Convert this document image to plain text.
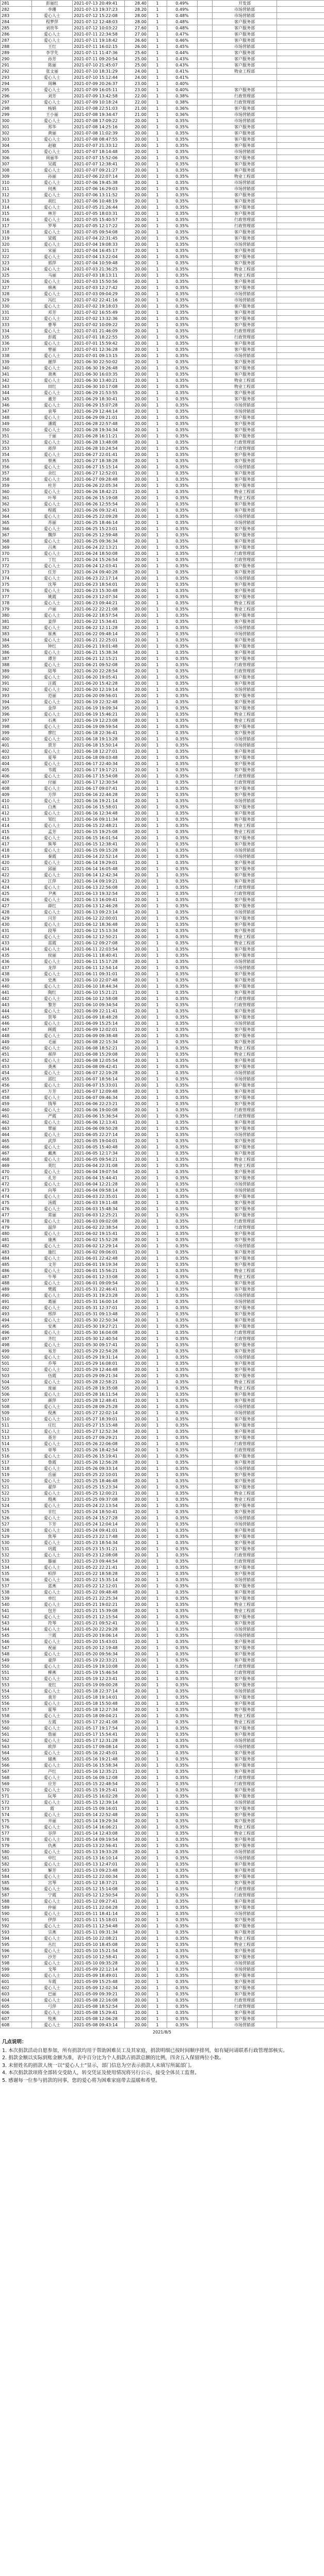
281	彭丽红	2021-07-13 20:49:41	28.40	1	0.49%		开发部	
282	李珊	2021-07-13 19:37:23	28.20	1	0.49%		市场营销部	
283	爱心人士	2021-07-12 15:22:08	28.00	1	0.48%		市场营销部	
284	程梦萍	2021-07-12 12:48:03	28.00	1	0.48%		客户服务部	
285	刘贵华	2021-07-12 10:03:22	27.60	1	0.48%		客户服务部	
286	爱心人士	2021-07-11 22:34:58	27.00	1	0.47%		客户服务部	
287	爱心人士	2021-07-11 19:18:42	26.60	1	0.46%		客户服务部	
288	王红	2021-07-11 16:02:15	26.00	1	0.45%		市场营销部	
289	李学先	2021-07-11 11:47:36	25.60	1	0.44%		客户服务部	
290	孙芳	2021-07-11 09:20:54	25.00	1	0.43%		客户服务部	
291	陈丽	2021-07-10 21:45:07	25.00	1	0.43%		客户服务部	
292	张文丽	2021-07-10 18:31:29	24.00	1	0.41%		物业工程部	
293	爱心人士	2021-07-10 15:12:44	24.00	1	0.41%			
294	周琳	2021-07-09 20:26:37	23.00	1	0.40%			
295	爱心人士	2021-07-09 16:05:11	23.00	1	0.40%		客户服务部	
296	刘芳	2021-07-09 13:42:58	22.00	1	0.38%		行政管理部	
297	爱心人士	2021-07-09 10:18:24	22.00	1	0.38%		行政管理部	
298	杨娟	2021-07-08 22:51:03	21.00	1	0.36%		客户服务部	
299	王小丽	2021-07-08 19:34:47	21.00	1	0.36%		市场营销部	
300	爱心人士	2021-07-08 17:09:22	20.00	1	0.35%		市场营销部	
301	郑华	2021-07-08 14:25:16	20.00	1	0.35%		客户服务部	
302	黄丽	2021-07-08 11:02:39	20.00	1	0.35%		客户服务部	
303	爱心人士	2021-07-08 08:47:55	20.00	1	0.35%		客户服务部	
304	赵敏	2021-07-07 21:33:12	20.00	1	0.35%		客户服务部	
305	爱心人士	2021-07-07 18:14:48	20.00	1	0.35%		市场营销部	
306	周丽华	2021-07-07 15:52:06	20.00	1	0.35%		客户服务部	
307	吴霞	2021-07-07 12:38:41	20.00	1	0.35%		客户服务部	
308	爱心人士	2021-07-07 09:21:27	20.00	1	0.35%		客户服务部	
309	孙丽	2021-07-06 22:07:14	20.00	1	0.35%		物业工程部	
310	爱心人士	2021-07-06 19:45:38	20.00	1	0.35%		市场营销部	
311	何燕	2021-07-06 16:29:03	20.00	1	0.35%		市场营销部	
312	爱心人士	2021-07-06 13:11:52	20.00	1	0.35%		客户服务部	
313	胡红	2021-07-06 10:48:19	20.00	1	0.35%		客户服务部	
314	爱心人士	2021-07-05 21:26:44	20.00	1	0.35%		客户服务部	
315	林芳	2021-07-05 18:03:31	20.00	1	0.35%		客户服务部	
316	爱心人士	2021-07-05 15:40:57	20.00	1	0.35%		行政管理部	
317	罗琴	2021-07-05 12:17:22	20.00	1	0.35%		行政管理部	
318	爱心人士	2021-07-05 09:54:08	20.00	1	0.35%		客户服务部	
319	梁霞	2021-07-04 22:31:45	20.00	1	0.35%		客户服务部	
320	爱心人士	2021-07-04 19:08:33	20.00	1	0.35%		市场营销部	
321	宋丽	2021-07-04 16:45:17	20.00	1	0.35%		客户服务部	
322	爱心人士	2021-07-04 13:22:04	20.00	1	0.35%		客户服务部	
323	郭萍	2021-07-04 10:59:48	20.00	1	0.35%		客户服务部	
324	爱心人士	2021-07-03 21:36:25	20.00	1	0.35%		物业工程部	
325	马丽	2021-07-03 18:13:11	20.00	1	0.35%		物业工程部	
326	爱心人士	2021-07-03 15:50:56	20.00	1	0.35%		客户服务部	
327	韩燕	2021-07-03 12:27:42	20.00	1	0.35%		客户服务部	
328	爱心人士	2021-07-03 09:04:29	20.00	1	0.35%		市场营销部	
329	冯红	2021-07-02 22:41:16	20.00	1	0.35%		市场营销部	
330	爱心人士	2021-07-02 19:18:03	20.00	1	0.35%		客户服务部	
331	邓芳	2021-07-02 16:55:49	20.00	1	0.35%		客户服务部	
332	爱心人士	2021-07-02 13:32:36	20.00	1	0.35%		客户服务部	
333	曹琴	2021-07-02 10:09:22	20.00	1	0.35%		客户服务部	
334	爱心人士	2021-07-01 21:46:09	20.00	1	0.35%		行政管理部	
335	彭霞	2021-07-01 18:22:55	20.00	1	0.35%		行政管理部	
336	爱心人士	2021-07-01 15:59:42	20.00	1	0.35%		客户服务部	
337	曾丽	2021-07-01 12:36:28	20.00	1	0.35%		客户服务部	
338	爱心人士	2021-07-01 09:13:15	20.00	1	0.35%		市场营销部	
339	谢萍	2021-06-30 22:50:02	20.00	1	0.35%		客户服务部	
340	爱心人士	2021-06-30 19:26:48	20.00	1	0.35%		客户服务部	
341	萧燕	2021-06-30 16:03:35	20.00	1	0.35%		客户服务部	
342	爱心人士	2021-06-30 13:40:21	20.00	1	0.35%		物业工程部	
343	田红	2021-06-30 10:17:08	20.00	1	0.35%		物业工程部	
344	爱心人士	2021-06-29 21:53:55	20.00	1	0.35%		客户服务部	
345	董芳	2021-06-29 18:30:41	20.00	1	0.35%		客户服务部	
346	爱心人士	2021-06-29 15:07:28	20.00	1	0.35%		市场营销部	
347	袁琴	2021-06-29 12:44:14	20.00	1	0.35%		市场营销部	
348	爱心人士	2021-06-29 09:21:01	20.00	1	0.35%		客户服务部	
349	潘霞	2021-06-28 22:57:48	20.00	1	0.35%		客户服务部	
350	爱心人士	2021-06-28 19:34:34	20.00	1	0.35%		客户服务部	
351	于丽	2021-06-28 16:11:21	20.00	1	0.35%		客户服务部	
352	爱心人士	2021-06-28 13:48:08	20.00	1	0.35%		行政管理部	
353	蒋萍	2021-06-28 10:24:54	20.00	1	0.35%		行政管理部	
354	爱心人士	2021-06-27 22:01:41	20.00	1	0.35%		客户服务部	
355	蔡燕	2021-06-27 18:38:28	20.00	1	0.35%		客户服务部	
356	爱心人士	2021-06-27 15:15:14	20.00	1	0.35%		市场营销部	
357	余红	2021-06-27 12:52:01	20.00	1	0.35%		客户服务部	
358	爱心人士	2021-06-27 09:28:48	20.00	1	0.35%		客户服务部	
359	杜芳	2021-06-26 22:05:34	20.00	1	0.35%		客户服务部	
360	爱心人士	2021-06-26 18:42:21	20.00	1	0.35%		物业工程部	
361	叶琴	2021-06-26 15:19:08	20.00	1	0.35%		物业工程部	
362	爱心人士	2021-06-26 12:55:54	20.00	1	0.35%		客户服务部	
363	程霞	2021-06-26 09:32:41	20.00	1	0.35%		客户服务部	
364	爱心人士	2021-06-25 22:09:28	20.00	1	0.35%		市场营销部	
365	苏丽	2021-06-25 18:46:14	20.00	1	0.35%		市场营销部	
366	爱心人士	2021-06-25 15:23:01	20.00	1	0.35%		客户服务部	
367	魏萍	2021-06-25 12:59:48	20.00	1	0.35%		客户服务部	
368	爱心人士	2021-06-25 09:36:34	20.00	1	0.35%		客户服务部	
369	吕燕	2021-06-24 22:13:21	20.00	1	0.35%		客户服务部	
370	爱心人士	2021-06-24 18:50:08	20.00	1	0.35%		行政管理部	
371	丁红	2021-06-24 15:26:54	20.00	1	0.35%		行政管理部	
372	爱心人士	2021-06-24 12:03:41	20.00	1	0.35%		客户服务部	
373	任芳	2021-06-24 09:40:28	20.00	1	0.35%		客户服务部	
374	爱心人士	2021-06-23 22:17:14	20.00	1	0.35%		市场营销部	
375	沈琴	2021-06-23 18:54:01	20.00	1	0.35%		客户服务部	
376	爱心人士	2021-06-23 15:30:48	20.00	1	0.35%		客户服务部	
377	姚霞	2021-06-23 12:07:34	20.00	1	0.35%		客户服务部	
378	爱心人士	2021-06-23 09:44:21	20.00	1	0.35%		物业工程部	
379	卢丽	2021-06-22 22:21:08	20.00	1	0.35%		物业工程部	
380	爱心人士	2021-06-22 18:57:54	20.00	1	0.35%		客户服务部	
381	姜萍	2021-06-22 15:34:41	20.00	1	0.35%		客户服务部	
382	爱心人士	2021-06-22 12:11:28	20.00	1	0.35%		市场营销部	
383	崔燕	2021-06-22 09:48:14	20.00	1	0.35%		市场营销部	
384	爱心人士	2021-06-21 22:25:01	20.00	1	0.35%		客户服务部	
385	钟红	2021-06-21 19:01:48	20.00	1	0.35%		客户服务部	
386	爱心人士	2021-06-21 15:38:34	20.00	1	0.35%		客户服务部	
387	谭芳	2021-06-21 12:15:21	20.00	1	0.35%		客户服务部	
388	爱心人士	2021-06-21 09:52:08	20.00	1	0.35%		行政管理部	
389	陆琴	2021-06-20 22:28:54	20.00	1	0.35%		行政管理部	
390	爱心人士	2021-06-20 19:05:41	20.00	1	0.35%		客户服务部	
391	汪霞	2021-06-20 15:42:28	20.00	1	0.35%		客户服务部	
392	爱心人士	2021-06-20 12:19:14	20.00	1	0.35%		市场营销部	
393	范丽	2021-06-20 09:56:01	20.00	1	0.35%		客户服务部	
394	爱心人士	2021-06-19 22:32:48	20.00	1	0.35%		客户服务部	
395	金萍	2021-06-19 19:09:34	20.00	1	0.35%		客户服务部	
396	爱心人士	2021-06-19 15:46:21	20.00	1	0.35%		物业工程部	
397	石燕	2021-06-19 12:23:08	20.00	1	0.35%		物业工程部	
398	爱心人士	2021-06-19 09:59:54	20.00	1	0.35%		客户服务部	
399	廖红	2021-06-18 22:36:41	20.00	1	0.35%		客户服务部	
400	爱心人士	2021-06-18 19:13:28	20.00	1	0.35%		市场营销部	
401	贾芳	2021-06-18 15:50:14	20.00	1	0.35%		市场营销部	
402	爱心人士	2021-06-18 12:27:01	20.00	1	0.35%		客户服务部	
403	夏琴	2021-06-18 09:03:48	20.00	1	0.35%		客户服务部	
404	爱心人士	2021-06-17 22:40:34	20.00	1	0.35%		客户服务部	
405	韦霞	2021-06-17 19:17:21	20.00	1	0.35%		客户服务部	
406	爱心人士	2021-06-17 15:54:08	20.00	1	0.35%		行政管理部	
407	付丽	2021-06-17 12:30:54	20.00	1	0.35%		行政管理部	
408	爱心人士	2021-06-17 09:07:41	20.00	1	0.35%		客户服务部	
409	方萍	2021-06-16 22:44:28	20.00	1	0.35%		客户服务部	
410	爱心人士	2021-06-16 19:21:14	20.00	1	0.35%		市场营销部	
411	白燕	2021-06-16 15:58:01	20.00	1	0.35%		客户服务部	
412	爱心人士	2021-06-16 12:34:48	20.00	1	0.35%		客户服务部	
413	邹红	2021-06-16 09:11:34	20.00	1	0.35%		客户服务部	
414	爱心人士	2021-06-15 22:48:21	20.00	1	0.35%		物业工程部	
415	孟芳	2021-06-15 19:25:08	20.00	1	0.35%		物业工程部	
416	爱心人士	2021-06-15 16:01:54	20.00	1	0.35%		客户服务部	
417	熊琴	2021-06-15 12:38:41	20.00	1	0.35%		客户服务部	
418	爱心人士	2021-06-15 09:15:28	20.00	1	0.35%		市场营销部	
419	秦霞	2021-06-14 22:52:14	20.00	1	0.35%		市场营销部	
420	爱心人士	2021-06-14 19:29:01	20.00	1	0.35%		客户服务部	
421	邱丽	2021-06-14 16:05:48	20.00	1	0.35%		客户服务部	
422	爱心人士	2021-06-14 12:42:34	20.00	1	0.35%		客户服务部	
423	江萍	2021-06-14 09:19:21	20.00	1	0.35%		客户服务部	
424	爱心人士	2021-06-13 22:56:08	20.00	1	0.35%		行政管理部	
425	尹燕	2021-06-13 19:32:54	20.00	1	0.35%		行政管理部	
426	爱心人士	2021-06-13 16:09:41	20.00	1	0.35%		客户服务部	
427	薛红	2021-06-13 12:46:28	20.00	1	0.35%		客户服务部	
428	爱心人士	2021-06-13 09:23:14	20.00	1	0.35%		市场营销部	
429	闫芳	2021-06-12 22:00:01	20.00	1	0.35%		客户服务部	
430	爱心人士	2021-06-12 18:36:48	20.00	1	0.35%		客户服务部	
431	段琴	2021-06-12 15:13:34	20.00	1	0.35%		客户服务部	
432	爱心人士	2021-06-12 12:50:21	20.00	1	0.35%		物业工程部	
433	雷霞	2021-06-12 09:27:08	20.00	1	0.35%		物业工程部	
434	爱心人士	2021-06-11 22:03:54	20.00	1	0.35%		客户服务部	
435	侯丽	2021-06-11 18:40:41	20.00	1	0.35%		客户服务部	
436	爱心人士	2021-06-11 15:17:28	20.00	1	0.35%		市场营销部	
437	龙萍	2021-06-11 12:54:14	20.00	1	0.35%		市场营销部	
438	爱心人士	2021-06-11 09:31:01	20.00	1	0.35%		客户服务部	
439	史燕	2021-06-10 22:07:48	20.00	1	0.35%		客户服务部	
440	爱心人士	2021-06-10 18:44:34	20.00	1	0.35%		客户服务部	
441	陶红	2021-06-10 15:21:21	20.00	1	0.35%		客户服务部	
442	爱心人士	2021-06-10 12:58:08	20.00	1	0.35%		行政管理部	
443	黎芳	2021-06-10 09:34:54	20.00	1	0.35%		行政管理部	
444	爱心人士	2021-06-09 22:11:41	20.00	1	0.35%		客户服务部	
445	贺琴	2021-06-09 18:48:28	20.00	1	0.35%		客户服务部	
446	爱心人士	2021-06-09 15:25:14	20.00	1	0.35%		市场营销部	
447	顾霞	2021-06-09 12:02:01	20.00	1	0.35%		客户服务部	
448	爱心人士	2021-06-09 09:38:48	20.00	1	0.35%		客户服务部	
449	毛丽	2021-06-08 22:15:34	20.00	1	0.35%		客户服务部	
450	爱心人士	2021-06-08 18:52:21	20.00	1	0.35%		物业工程部	
451	郝萍	2021-06-08 15:29:08	20.00	1	0.35%		物业工程部	
452	爱心人士	2021-06-08 12:05:54	20.00	1	0.35%		客户服务部	
453	龚燕	2021-06-08 09:42:41	20.00	1	0.35%		客户服务部	
454	爱心人士	2021-06-07 22:19:28	20.00	1	0.35%		市场营销部	
455	邵红	2021-06-07 18:56:14	20.00	1	0.35%		市场营销部	
456	爱心人士	2021-06-07 15:33:01	20.00	1	0.35%		客户服务部	
457	万芳	2021-06-07 12:09:48	20.00	1	0.35%		客户服务部	
458	爱心人士	2021-06-07 09:46:34	20.00	1	0.35%		客户服务部	
459	钱琴	2021-06-06 22:23:21	20.00	1	0.35%		客户服务部	
460	爱心人士	2021-06-06 19:00:08	20.00	1	0.35%		行政管理部	
461	严霞	2021-06-06 15:36:54	20.00	1	0.35%		行政管理部	
462	爱心人士	2021-06-06 12:13:41	20.00	1	0.35%		客户服务部	
463	覃丽	2021-06-06 09:50:28	20.00	1	0.35%		客户服务部	
464	爱心人士	2021-06-05 22:27:14	20.00	1	0.35%		市场营销部	
465	武萍	2021-06-05 19:04:01	20.00	1	0.35%		客户服务部	
466	爱心人士	2021-06-05 15:40:48	20.00	1	0.35%		客户服务部	
467	戴燕	2021-06-05 12:17:34	20.00	1	0.35%		客户服务部	
468	爱心人士	2021-06-05 09:54:21	20.00	1	0.35%		物业工程部	
469	莫红	2021-06-04 22:31:08	20.00	1	0.35%		物业工程部	
470	爱心人士	2021-06-04 19:07:54	20.00	1	0.35%		客户服务部	
471	孔芳	2021-06-04 15:44:41	20.00	1	0.35%		客户服务部	
472	爱心人士	2021-06-04 12:21:28	20.00	1	0.35%		市场营销部	
473	向琴	2021-06-04 09:58:14	20.00	1	0.35%		市场营销部	
474	爱心人士	2021-06-03 22:35:01	20.00	1	0.35%		客户服务部	
475	汤霞	2021-06-03 19:11:48	20.00	1	0.35%		客户服务部	
476	爱心人士	2021-06-03 15:48:34	20.00	1	0.35%		客户服务部	
477	常丽	2021-06-03 12:25:21	20.00	1	0.35%		客户服务部	
478	爱心人士	2021-06-03 09:02:08	20.00	1	0.35%		行政管理部	
479	温萍	2021-06-02 22:38:54	20.00	1	0.35%		行政管理部	
480	爱心人士	2021-06-02 19:15:41	20.00	1	0.35%		客户服务部	
481	康燕	2021-06-02 15:52:28	20.00	1	0.35%		客户服务部	
482	爱心人士	2021-06-02 12:29:14	20.00	1	0.35%		市场营销部	
483	施红	2021-06-02 09:06:01	20.00	1	0.35%		客户服务部	
484	爱心人士	2021-06-01 22:42:48	20.00	1	0.35%		客户服务部	
485	文芳	2021-06-01 19:19:34	20.00	1	0.35%		客户服务部	
486	爱心人士	2021-06-01 15:56:21	20.00	1	0.35%		物业工程部	
487	牛琴	2021-06-01 12:33:08	20.00	1	0.35%		物业工程部	
488	爱心人士	2021-06-01 09:09:54	20.00	1	0.35%		客户服务部	
489	樊霞	2021-05-31 22:46:41	20.00	1	0.35%		客户服务部	
490	爱心人士	2021-05-31 19:23:28	20.00	1	0.35%		市场营销部	
491	葛丽	2021-05-31 16:00:14	20.00	1	0.35%		市场营销部	
492	爱心人士	2021-05-31 12:37:01	20.00	1	0.35%		客户服务部	
493	邢萍	2021-05-31 09:13:48	20.00	1	0.35%		客户服务部	
494	爱心人士	2021-05-30 22:50:34	20.00	1	0.35%		客户服务部	
495	安燕	2021-05-30 19:27:21	20.00	1	0.35%		客户服务部	
496	爱心人士	2021-05-30 16:04:08	20.00	1	0.35%		行政管理部	
497	齐红	2021-05-30 12:40:54	20.00	1	0.35%		行政管理部	
498	爱心人士	2021-05-30 09:17:41	20.00	1	0.35%		客户服务部	
499	易芳	2021-05-29 22:54:28	20.00	1	0.35%		客户服务部	
500	爱心人士	2021-05-29 19:31:14	20.00	1	0.35%		市场营销部	
501	乔琴	2021-05-29 16:08:01	20.00	1	0.35%		客户服务部	
502	爱心人士	2021-05-29 12:44:48	20.00	1	0.35%		客户服务部	
503	伍霞	2021-05-29 09:21:34	20.00	1	0.35%		客户服务部	
504	爱心人士	2021-05-28 22:58:21	20.00	1	0.35%		物业工程部	
505	庞丽	2021-05-28 19:35:08	20.00	1	0.35%		物业工程部	
506	爱心人士	2021-05-28 16:11:54	20.00	1	0.35%		客户服务部	
507	颜萍	2021-05-28 12:48:41	20.00	1	0.35%		客户服务部	
508	爱心人士	2021-05-28 09:25:28	20.00	1	0.35%		市场营销部	
509	倪燕	2021-05-27 22:02:14	20.00	1	0.35%		市场营销部	
510	爱心人士	2021-05-27 18:39:01	20.00	1	0.35%		客户服务部	
511	庄红	2021-05-27 15:15:48	20.00	1	0.35%		客户服务部	
512	爱心人士	2021-05-27 12:52:34	20.00	1	0.35%		客户服务部	
513	聂芳	2021-05-27 09:29:21	20.00	1	0.35%		客户服务部	
514	爱心人士	2021-05-26 22:06:08	20.00	1	0.35%		行政管理部	
515	章琴	2021-05-26 18:42:54	20.00	1	0.35%		行政管理部	
516	爱心人士	2021-05-26 15:19:41	20.00	1	0.35%		客户服务部	
517	鲁霞	2021-05-26 12:56:28	20.00	1	0.35%		客户服务部	
518	爱心人士	2021-05-26 09:33:14	20.00	1	0.35%		市场营销部	
519	岳丽	2021-05-25 22:10:01	20.00	1	0.35%		客户服务部	
520	爱心人士	2021-05-25 18:46:48	20.00	1	0.35%		客户服务部	
521	翟萍	2021-05-25 15:23:34	20.00	1	0.35%		客户服务部	
522	爱心人士	2021-05-25 12:00:21	20.00	1	0.35%		物业工程部	
523	殷燕	2021-05-25 09:37:08	20.00	1	0.35%		物业工程部	
524	爱心人士	2021-05-24 22:13:54	20.00	1	0.35%		客户服务部	
525	甘红	2021-05-24 18:50:41	20.00	1	0.35%		客户服务部	
526	爱心人士	2021-05-24 15:27:28	20.00	1	0.35%		市场营销部	
527	卞芳	2021-05-24 12:04:14	20.00	1	0.35%		市场营销部	
528	爱心人士	2021-05-24 09:41:01	20.00	1	0.35%		客户服务部	
529	焦琴	2021-05-23 22:17:48	20.00	1	0.35%		客户服务部	
530	爱心人士	2021-05-23 18:54:34	20.00	1	0.35%		客户服务部	
531	巩霞	2021-05-23 15:31:21	20.00	1	0.35%		客户服务部	
532	爱心人士	2021-05-23 12:08:08	20.00	1	0.35%		行政管理部	
533	滕丽	2021-05-23 09:44:54	20.00	1	0.35%		行政管理部	
534	爱心人士	2021-05-22 22:21:41	20.00	1	0.35%		客户服务部	
535	柏萍	2021-05-22 18:58:28	20.00	1	0.35%		客户服务部	
536	爱心人士	2021-05-22 15:35:14	20.00	1	0.35%		市场营销部	
537	蓝燕	2021-05-22 12:12:01	20.00	1	0.35%		客户服务部	
538	爱心人士	2021-05-22 09:48:48	20.00	1	0.35%		客户服务部	
539	单红	2021-05-21 22:25:34	20.00	1	0.35%		客户服务部	
540	爱心人士	2021-05-21 19:02:21	20.00	1	0.35%		物业工程部	
541	包芳	2021-05-21 15:39:08	20.00	1	0.35%		物业工程部	
542	爱心人士	2021-05-21 12:15:54	20.00	1	0.35%		客户服务部	
543	符琴	2021-05-21 09:52:41	20.00	1	0.35%		客户服务部	
544	爱心人士	2021-05-20 22:29:28	20.00	1	0.35%		市场营销部	
545	兰霞	2021-05-20 19:06:14	20.00	1	0.35%		市场营销部	
546	爱心人士	2021-05-20 15:43:01	20.00	1	0.35%		客户服务部	
547	祝丽	2021-05-20 12:19:48	20.00	1	0.35%		客户服务部	
548	爱心人士	2021-05-20 09:56:34	20.00	1	0.35%		客户服务部	
549	童萍	2021-05-19 22:33:21	20.00	1	0.35%		客户服务部	
550	爱心人士	2021-05-19 19:10:08	20.00	1	0.35%		行政管理部	
551	柳燕	2021-05-19 15:46:54	20.00	1	0.35%		行政管理部	
552	爱心人士	2021-05-19 12:23:41	20.00	1	0.35%		客户服务部	
553	麦红	2021-05-19 09:00:28	20.00	1	0.35%		客户服务部	
554	爱心人士	2021-05-18 22:37:14	20.00	1	0.35%		市场营销部	
555	裴芳	2021-05-18 19:14:01	20.00	1	0.35%		客户服务部	
556	爱心人士	2021-05-18 15:50:48	20.00	1	0.35%		客户服务部	
557	霍琴	2021-05-18 12:27:34	20.00	1	0.35%		客户服务部	
558	爱心人士	2021-05-18 09:04:21	20.00	1	0.35%		物业工程部	
559	左霞	2021-05-17 22:41:08	20.00	1	0.35%		物业工程部	
560	爱心人士	2021-05-17 19:17:54	20.00	1	0.35%		客户服务部	
561	詹丽	2021-05-17 15:54:41	20.00	1	0.35%		客户服务部	
562	爱心人士	2021-05-17 12:31:28	20.00	1	0.35%		市场营销部	
563	欧萍	2021-05-17 09:08:14	20.00	1	0.35%		市场营销部	
564	爱心人士	2021-05-16 22:45:01	20.00	1	0.35%		客户服务部	
565	储燕	2021-05-16 19:21:48	20.00	1	0.35%		客户服务部	
566	爱心人士	2021-05-16 15:58:34	20.00	1	0.35%		客户服务部	
567	芦红	2021-05-16 12:35:21	20.00	1	0.35%		客户服务部	
568	爱心人士	2021-05-16 09:12:08	20.00	1	0.35%		行政管理部	
569	应芳	2021-05-15 22:48:54	20.00	1	0.35%		行政管理部	
570	爱心人士	2021-05-15 19:25:41	20.00	1	0.35%		客户服务部	
571	阮琴	2021-05-15 16:02:28	20.00	1	0.35%		客户服务部	
572	爱心人士	2021-05-15 12:39:14	20.00	1	0.35%		市场营销部	
573	霞	2021-05-15 09:16:01	20.00	1	0.35%		客户服务部	
574	爱心人士	2021-05-14 22:52:48	20.00	1	0.35%		客户服务部	
575	井丽	2021-05-14 19:29:34	20.00	1	0.35%		客户服务部	
576	爱心人士	2021-05-14 16:06:21	20.00	1	0.35%		物业工程部	
577	谷萍	2021-05-14 12:43:08	20.00	1	0.35%		物业工程部	
578	爱心人士	2021-05-14 09:19:54	20.00	1	0.35%		客户服务部	
579	仇燕	2021-05-13 22:56:41	20.00	1	0.35%		客户服务部	
580	爱心人士	2021-05-13 19:33:28	20.00	1	0.35%		市场营销部	
581	申红	2021-05-13 16:10:14	20.00	1	0.35%		市场营销部	
582	爱心人士	2021-05-13 12:47:01	20.00	1	0.35%		客户服务部	
583	解芳	2021-05-13 09:23:48	20.00	1	0.35%		客户服务部	
584	爱心人士	2021-05-12 22:00:34	20.00	1	0.35%		客户服务部	
585	宫琴	2021-05-12 18:37:21	20.00	1	0.35%		客户服务部	
586	爱心人士	2021-05-12 15:14:08	20.00	1	0.35%		行政管理部	
587	宁霞	2021-05-12 12:50:54	20.00	1	0.35%		行政管理部	
588	爱心人士	2021-05-12 09:27:41	20.00	1	0.35%		客户服务部	
589	仲丽	2021-05-11 22:04:28	20.00	1	0.35%		客户服务部	
590	爱心人士	2021-05-11 18:41:14	20.00	1	0.35%		市场营销部	
591	伊萍	2021-05-11 15:18:01	20.00	1	0.35%		客户服务部	
592	爱心人士	2021-05-11 12:54:48	20.00	1	0.35%		客户服务部	
593	宗燕	2021-05-11 09:31:34	20.00	1	0.35%		客户服务部	
594	爱心人士	2021-05-10 22:08:21	20.00	1	0.35%		物业工程部	
595	丛红	2021-05-10 18:45:08	20.00	1	0.35%		物业工程部	
596	爱心人士	2021-05-10 15:21:54	20.00	1	0.35%		客户服务部	
597	沙芳	2021-05-10 12:58:41	20.00	1	0.35%		客户服务部	
598	爱心人士	2021-05-10 09:35:28	20.00	1	0.35%		市场营销部	
599	戈琴	2021-05-09 22:12:14	20.00	1	0.35%		市场营销部	
600	爱心人士	2021-05-09 18:49:01	20.00	1	0.35%		客户服务部	
601	车霞	2021-05-09 15:25:48	20.00	1	0.35%		客户服务部	
602	爱心人士	2021-05-09 12:02:34	20.00	1	0.35%		客户服务部	
603	巴丽	2021-05-09 09:39:21	20.00	1	0.35%		客户服务部	
604	爱心人士	2021-05-08 22:16:08	20.00	1	0.35%		行政管理部	
605	弓萍	2021-05-08 18:52:54	20.00	1	0.35%		行政管理部	
606	爱心人士	2021-05-08 15:29:41	20.00	1	0.35%		客户服务部	
607	牧燕	2021-05-08 12:06:28	20.00	1	0.35%		客户服务部	
608	爱心人士	2021-05-08 09:43:14	20.00	1	0.35%		市场营销部	
2021/8/5
几点说明：

1. 本次捐款活动自愿参加，所有捐款均用于帮助困难员工及其家庭，捐款明细已按时间顺序排列，如有疑问请联系行政管理部核实。

2. 捐款金额以实际到账金额为准，表中百分比为个人捐款占捐款总额的比例，四舍五入保留两位小数。

3. 未留姓名的捐款人统一以“爱心人士”显示，部门信息为空表示捐款人未填写所属部门。

4. 本次捐款款项将全部转交受助人，转交凭证及使用情况将另行公示，接受全体员工监督。

5. 感谢每一位参与捐款的同事，您的爱心将为困难家庭带去温暖和希望。
